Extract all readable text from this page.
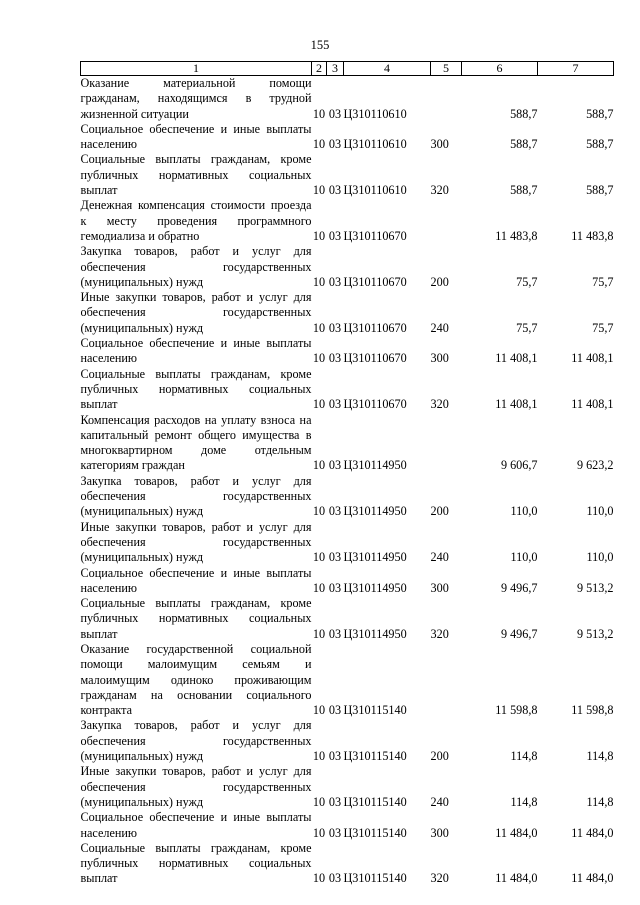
155
1	2	3	4	5	6	7

Оказание материальной помощи гражданам, находящимся в трудной жизненной ситуации	10	03	Ц310110610		588,7	588,7

Социальное обеспечение и иные выплаты населению	10	03	Ц310110610	300	588,7	588,7

Социальные выплаты гражданам, кроме публичных нормативных социальных выплат	10	03	Ц310110610	320	588,7	588,7

Денежная компенсация стоимости проезда к месту проведения программного гемодиализа и обратно	10	03	Ц310110670		11 483,8	11 483,8

Закупка товаров, работ и услуг для обеспечения государственных (муниципальных) нужд	10	03	Ц310110670	200	75,7	75,7

Иные закупки товаров, работ и услуг для обеспечения государственных (муниципальных) нужд	10	03	Ц310110670	240	75,7	75,7

Социальное обеспечение и иные выплаты населению	10	03	Ц310110670	300	11 408,1	11 408,1

Социальные выплаты гражданам, кроме публичных нормативных социальных выплат	10	03	Ц310110670	320	11 408,1	11 408,1

Компенсация расходов на уплату взноса на капитальный ремонт общего имущества в многоквартирном доме отдельным категориям граждан	10	03	Ц310114950		9 606,7	9 623,2

Закупка товаров, работ и услуг для обеспечения государственных (муниципальных) нужд	10	03	Ц310114950	200	110,0	110,0

Иные закупки товаров, работ и услуг для обеспечения государственных (муниципальных) нужд	10	03	Ц310114950	240	110,0	110,0

Социальное обеспечение и иные выплаты населению	10	03	Ц310114950	300	9 496,7	9 513,2

Социальные выплаты гражданам, кроме публичных нормативных социальных выплат	10	03	Ц310114950	320	9 496,7	9 513,2

Оказание государственной социальной помощи малоимущим семьям и малоимущим одиноко проживающим гражданам на основании социального контракта	10	03	Ц310115140		11 598,8	11 598,8

Закупка товаров, работ и услуг для обеспечения государственных (муниципальных) нужд	10	03	Ц310115140	200	114,8	114,8

Иные закупки товаров, работ и услуг для обеспечения государственных (муниципальных) нужд	10	03	Ц310115140	240	114,8	114,8

Социальное обеспечение и иные выплаты населению	10	03	Ц310115140	300	11 484,0	11 484,0

Социальные выплаты гражданам, кроме публичных нормативных социальных выплат	10	03	Ц310115140	320	11 484,0	11 484,0
